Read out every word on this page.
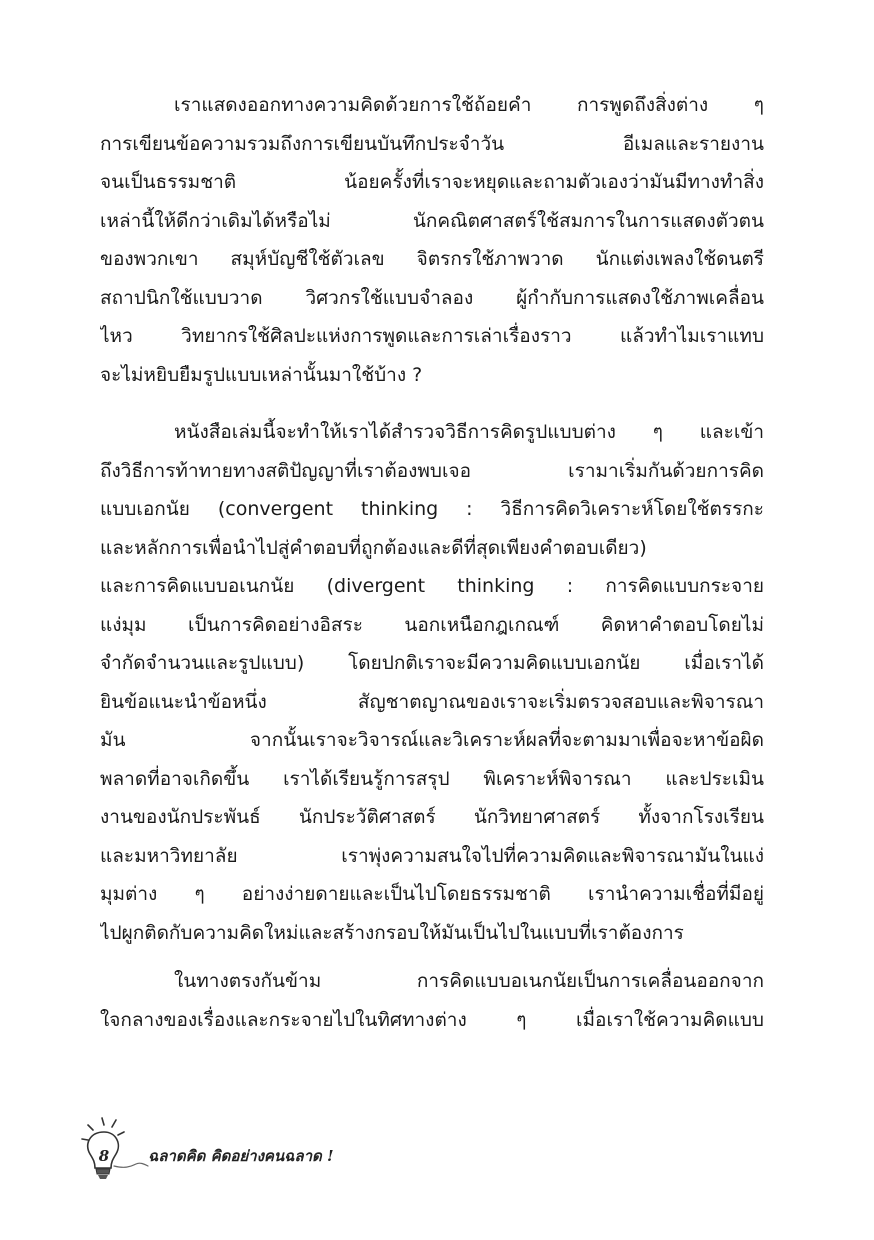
เราแสดงออกทางความคิดด้วยการใช้ถ้อยคำ การพูดถึงสิ่งต่าง ๆ
การเขียนข้อความรวมถึงการเขียนบันทึกประจำวัน อีเมลและรายงาน
จนเป็นธรรมชาติ น้อยครั้งที่เราจะหยุดและถามตัวเองว่ามันมีทางทำสิ่ง
เหล่านี้ให้ดีกว่าเดิมได้หรือไม่ นักคณิตศาสตร์ใช้สมการในการแสดงตัวตน
ของพวกเขา สมุห์บัญชีใช้ตัวเลข จิตรกรใช้ภาพวาด นักแต่งเพลงใช้ดนตรี
สถาปนิกใช้แบบวาด วิศวกรใช้แบบจำลอง ผู้กำกับการแสดงใช้ภาพเคลื่อน
ไหว วิทยากรใช้ศิลปะแห่งการพูดและการเล่าเรื่องราว แล้วทำไมเราแทบ
จะไม่หยิบยืมรูปแบบเหล่านั้นมาใช้บ้าง ?
หนังสือเล่มนี้จะทำให้เราได้สำรวจวิธีการคิดรูปแบบต่าง ๆ และเข้า
ถึงวิธีการท้าทายทางสติปัญญาที่เราต้องพบเจอ เรามาเริ่มกันด้วยการคิด
แบบเอกนัย (convergent thinking : วิธีการคิดวิเคราะห์โดยใช้ตรรกะ
และหลักการเพื่อนำไปสู่คำตอบที่ถูกต้องและดีที่สุดเพียงคำตอบเดียว)
และการคิดแบบอเนกนัย (divergent thinking : การคิดแบบกระจาย
แง่มุม เป็นการคิดอย่างอิสระ นอกเหนือกฎเกณฑ์ คิดหาคำตอบโดยไม่
จำกัดจำนวนและรูปแบบ) โดยปกติเราจะมีความคิดแบบเอกนัย เมื่อเราได้
ยินข้อแนะนำข้อหนึ่ง สัญชาตญาณของเราจะเริ่มตรวจสอบและพิจารณา
มัน จากนั้นเราจะวิจารณ์และวิเคราะห์ผลที่จะตามมาเพื่อจะหาข้อผิด
พลาดที่อาจเกิดขึ้น เราได้เรียนรู้การสรุป พิเคราะห์พิจารณา และประเมิน
งานของนักประพันธ์ นักประวัติศาสตร์ นักวิทยาศาสตร์ ทั้งจากโรงเรียน
และมหาวิทยาลัย เราพุ่งความสนใจไปที่ความคิดและพิจารณามันในแง่
มุมต่าง ๆ อย่างง่ายดายและเป็นไปโดยธรรมชาติ เรานำความเชื่อที่มีอยู่
ไปผูกติดกับความคิดใหม่และสร้างกรอบให้มันเป็นไปในแบบที่เราต้องการ
ในทางตรงกันข้าม การคิดแบบอเนกนัยเป็นการเคลื่อนออกจาก
ใจกลางของเรื่องและกระจายไปในทิศทางต่าง ๆ เมื่อเราใช้ความคิดแบบ
8	ฉลาดคิด คิดอย่างคนฉลาด !
